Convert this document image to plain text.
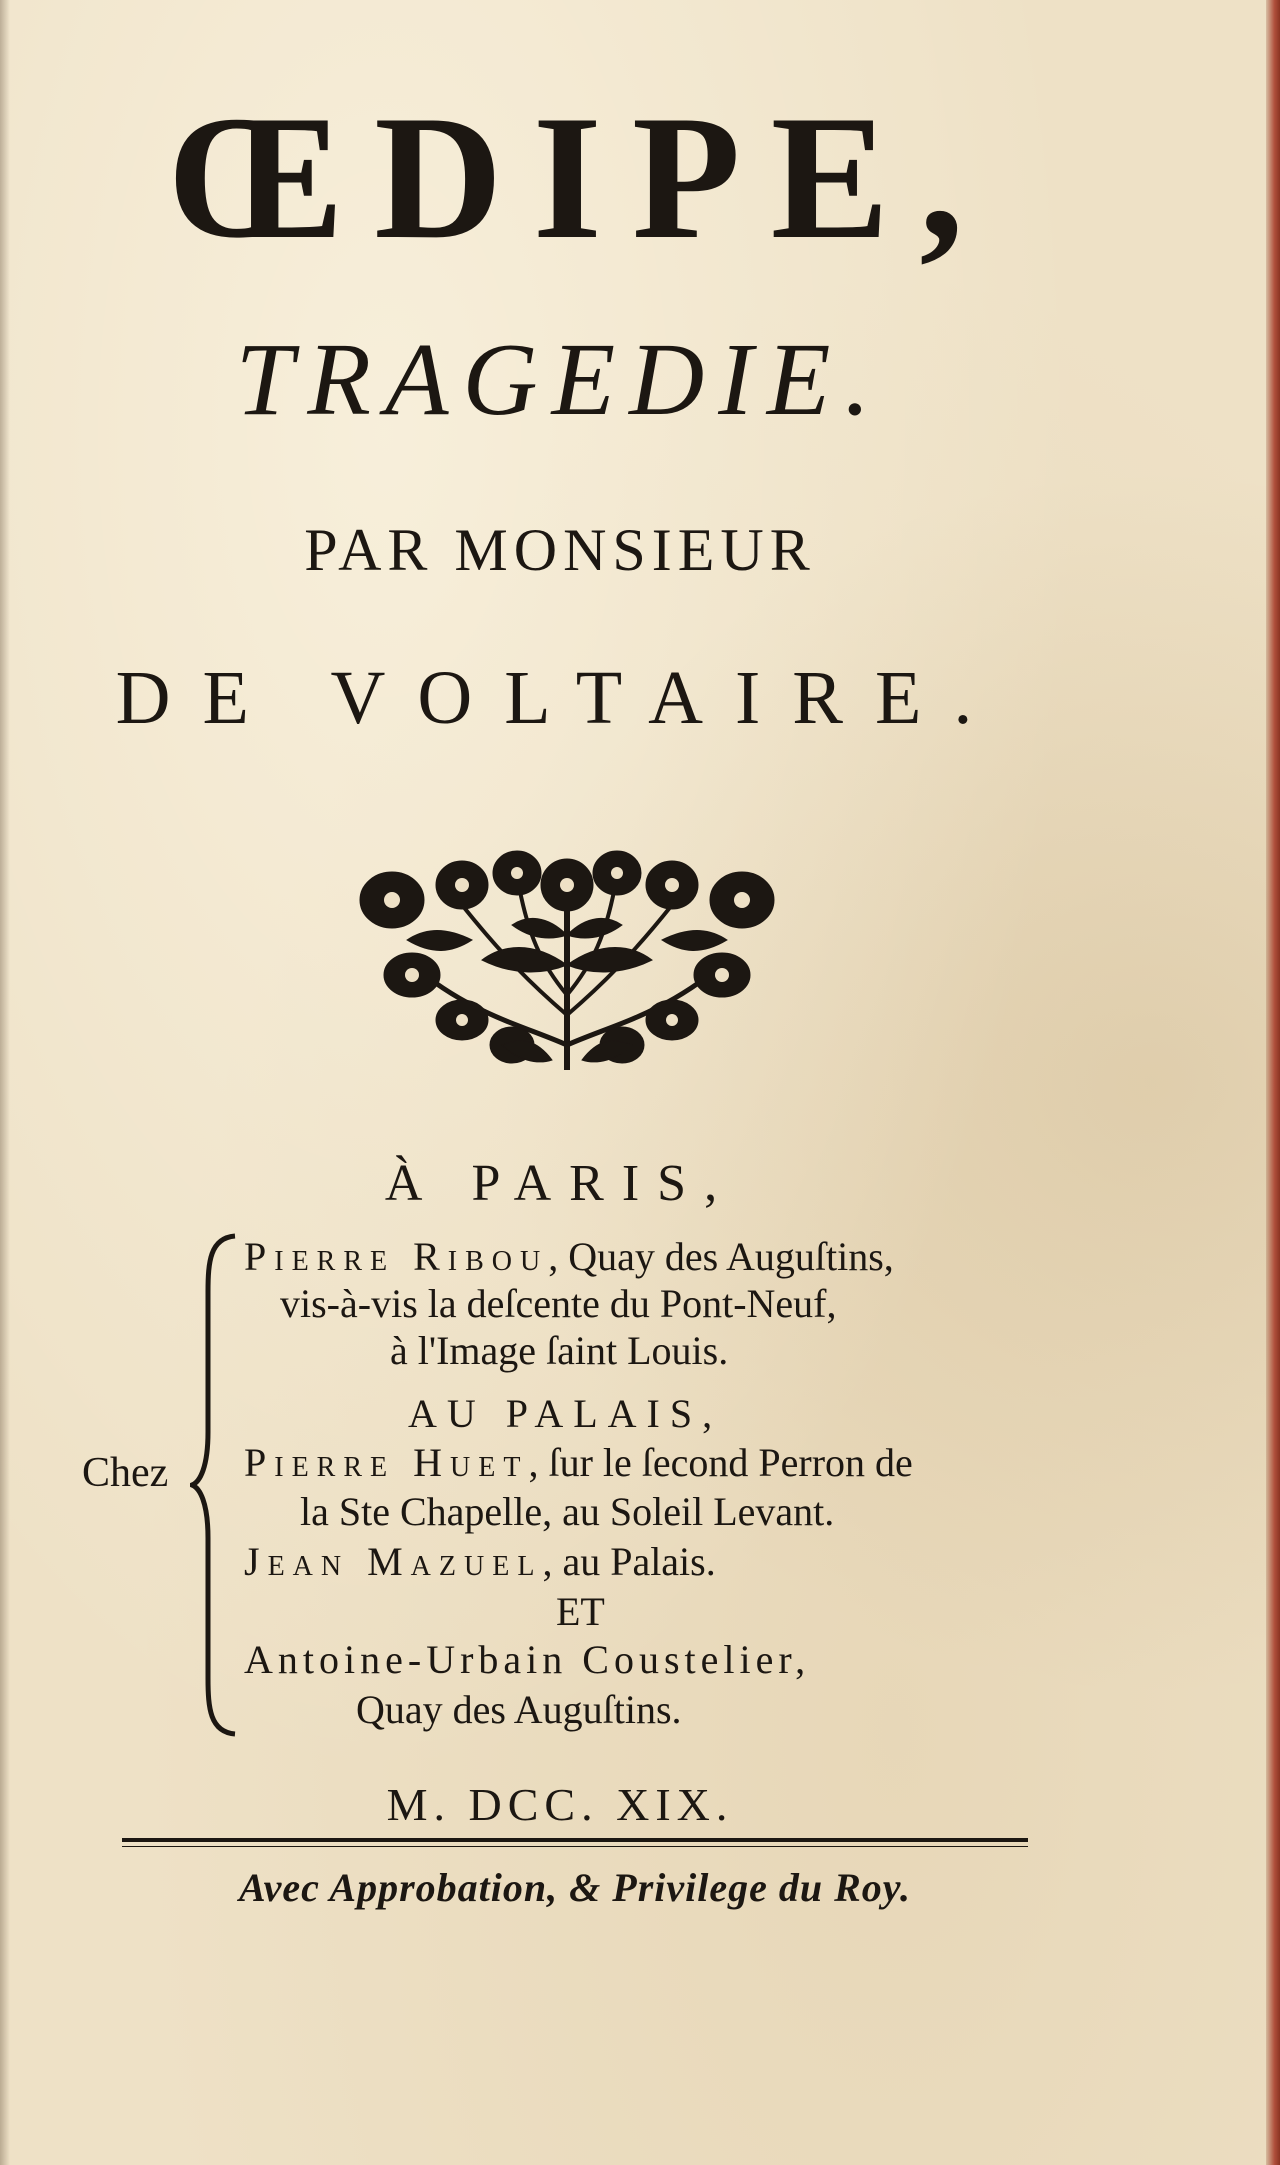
ŒDIPE,
TRAGEDIE.
PAR MONSIEUR
DE VOLTAIRE.
À PARIS,
Chez
Pierre Ribou, Quay des Auguſtins,
vis-à-vis la deſcente du Pont-Neuf,
à l'Image ſaint Louis.
AU PALAIS,
Pierre Huet, ſur le ſecond Perron de
la Ste Chapelle, au Soleil Levant.
Jean Mazuel, au Palais.
ET
Antoine-Urbain Coustelier,
Quay des Auguſtins.
M. DCC. XIX.
Avec Approbation, & Privilege du Roy.
